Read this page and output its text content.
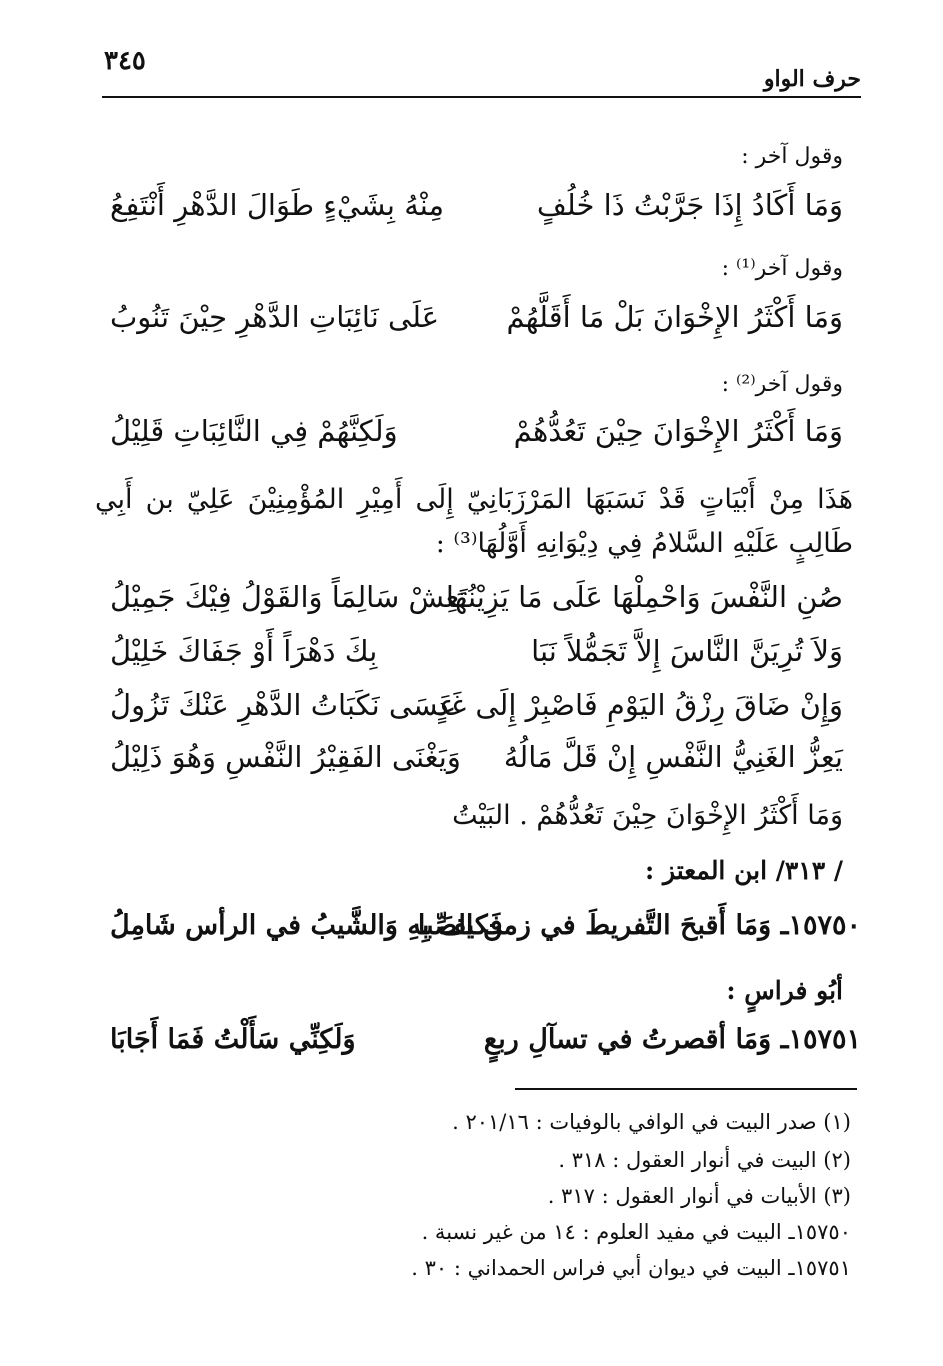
حرف الواو
٣٤٥
وقول آخر :
وَمَا أَكَادُ إِذَا جَرَّبْتُ ذَا خُلُفٍ
مِنْهُ بِشَيْءٍ طَوَالَ الدَّهْرِ أَنْتَفِعُ
وقول آخر⁽¹⁾ :
وَمَا أَكْثَرُ الإِخْوَانَ بَلْ مَا أَقَلَّهُمْ
عَلَى نَائِبَاتِ الدَّهْرِ حِيْنَ تَنُوبُ
وقول آخر⁽²⁾ :
وَمَا أَكْثَرُ الإِخْوَانَ حِيْنَ تَعُدُّهُمْ
وَلَكِنَّهُمْ فِي النَّائِبَاتِ قَلِيْلُ
هَذَا مِنْ أَبْيَاتٍ قَدْ نَسَبَهَا المَرْزَبَانِيّ إِلَى أَمِيْرِ المُؤْمِنِيْنَ عَلِيّ بن أَبِي طَالِبٍ عَلَيْهِ السَّلامُ فِي دِيْوَانِهِ أَوَّلُهَا⁽³⁾ :
صُنِ النَّفْسَ وَاحْمِلْهَا عَلَى مَا يَزِيْنُهَا
تَعِشْ سَالِمَاً وَالقَوْلُ فِيْكَ جَمِيْلُ
وَلاَ تُرِيَنَّ النَّاسَ إِلاَّ تَجَمُّلاً نَبَا
بِكَ دَهْرَاً أَوْ جَفَاكَ خَلِيْلُ
وَإِنْ ضَاقَ رِزْقُ اليَوْمِ فَاصْبِرْ إِلَى غَدٍ
عَسَى نَكَبَاتُ الدَّهْرِ عَنْكَ تَزُولُ
يَعِزُّ الغَنِيُّ النَّفْسِ إِنْ قَلَّ مَالُهُ
وَيَغْنَى الفَقِيْرُ النَّفْسِ وَهُوَ ذَلِيْلُ
وَمَا أَكْثَرُ الإِخْوَانَ حِيْنَ تَعُدُّهُمْ . البَيْتُ
/ ٣١٣/ ابن المعتز :
١٥٧٥٠ـ وَمَا أَقبحَ التَّفريطَ في زمن الصِّبا
فَكيفَ بِهِ وَالشَّيبُ في الرأس شَامِلُ
أبُو فراسٍ :
١٥٧٥١ـ وَمَا أقصرتُ في تسآلِ ربعٍ
وَلَكِنِّي سَأَلْتُ فَمَا أَجَابَا
(١) صدر البيت في الوافي بالوفيات : ٢٠١/١٦ .
(٢) البيت في أنوار العقول : ٣١٨ .
(٣) الأبيات في أنوار العقول : ٣١٧ .
١٥٧٥٠ـ البيت في مفيد العلوم : ١٤ من غير نسبة .
١٥٧٥١ـ البيت في ديوان أبي فراس الحمداني : ٣٠ .
